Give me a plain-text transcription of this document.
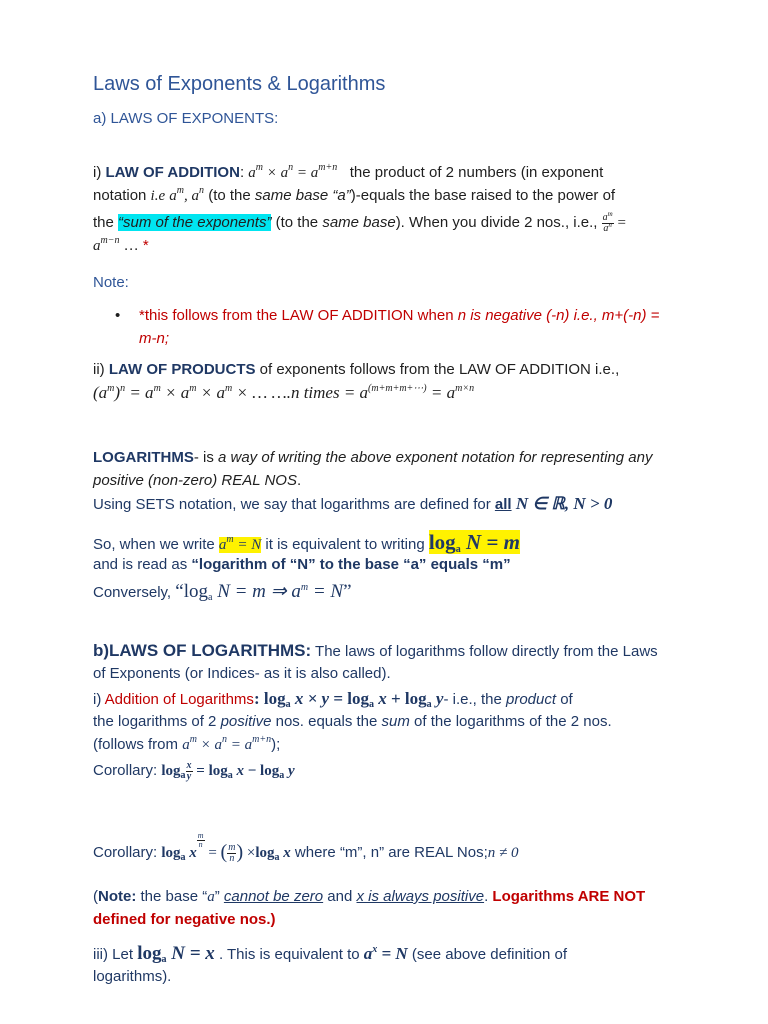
Laws of Exponents & Logarithms
a) LAWS OF EXPONENTS:
i) LAW OF ADDITION: $a^m \times a^n = a^{m+n}$ the product of 2 numbers (in exponent
notation i.e $a^m$, $a^n$ (to the same base “a”)-equals the base raised to the power of
the “sum of the exponents” (to the same base). When you divide 2 nos., i.e., $\frac{a^m}{a^n}$ =
$a^{m-n}$ … *
Note:
• *this follows from the LAW OF ADDITION when n is negative (-n) i.e., m+(-n) =
m-n;
ii) LAW OF PRODUCTS of exponents follows from the LAW OF ADDITION i.e.,
$(a^m)^n = a^m \times a^m \times a^m$ × … ….n times = $a^{(m+m+m+\cdots)} = a^{m\times n}$
LOGARITHMS- is a way of writing the above exponent notation for representing any
positive (non-zero) REAL NOS.
Using SETS notation, we say that logarithms are defined for all N ∈ ℝ, N > 0
So, when we write $a^m = N$ it is equivalent to writing $\log_a N = m$
and is read as “logarithm of “N” to the base “a” equals “m”
Conversely, “$\log_a$ N = m ⇒ $a^m = N$”
b)LAWS OF LOGARITHMS: The laws of logarithms follow directly from the Laws
of Exponents (or Indices- as it is also called).
i) Addition of Logarithms: $\log_a x \times y = \log_a x + \log_a y-$ i.e., the product of
the logarithms of 2 positive nos. equals the sum of the logarithms of the 2 nos.
(follows from $a^m \times a^n = a^{m+n}$);
Corollary: $\log_a \frac{x}{y} = \log_a x - \log_a y$
Corollary: $\log_a x$
$\frac{m}{n}$
= ( $\frac{m}{n}$ ) $\times\log_a$ x where “m”, n” are REAL Nos;n ≠ 0
(Note: the base “a” cannot be zero and x is always positive. Logarithms ARE NOT
defined for negative nos.)
iii) Let $\log_a N = x$ . This is equivalent to $a^x = N$ (see above definition of
logarithms).
